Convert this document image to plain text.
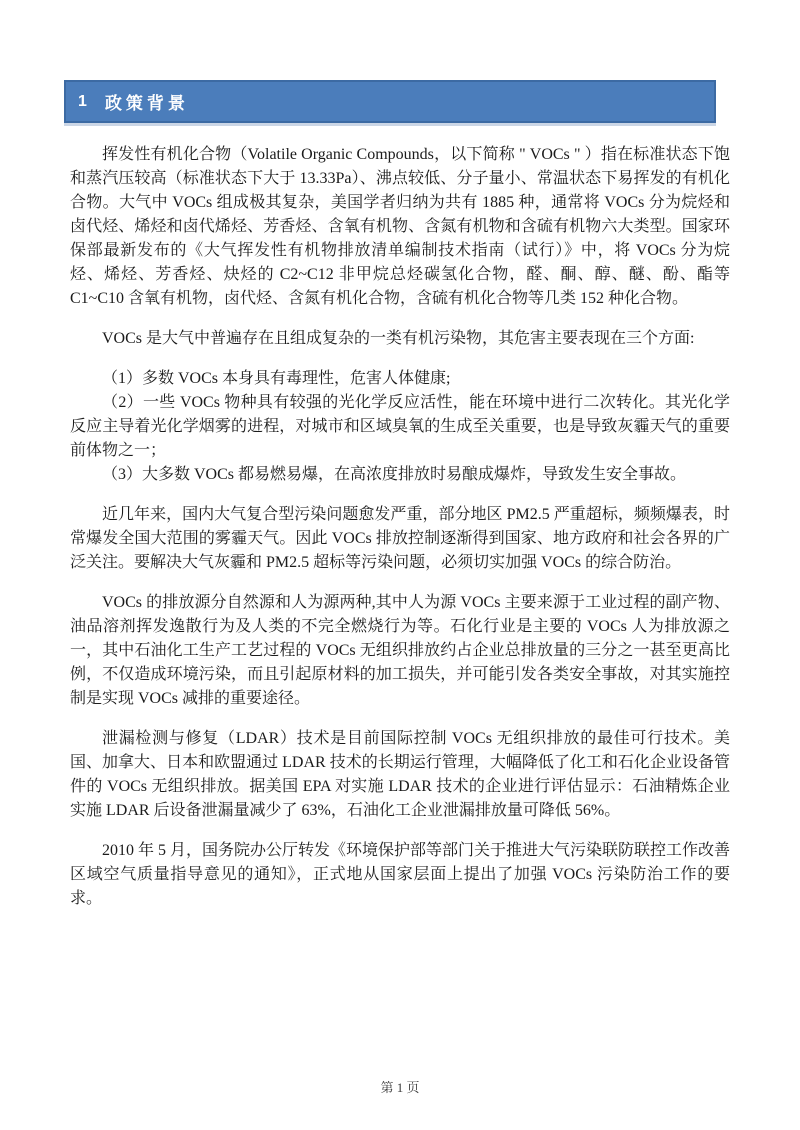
1 政策背景

挥发性有机化合物（Volatile Organic Compounds，以下简称 " VOCs " ）指在标准状态下饱和蒸汽压较高（标准状态下大于 13.33Pa）、沸点较低、分子量小、常温状态下易挥发的有机化合物。大气中 VOCs 组成极其复杂，美国学者归纳为共有 1885 种，通常将 VOCs 分为烷烃和卤代烃、烯烃和卤代烯烃、芳香烃、含氧有机物、含氮有机物和含硫有机物六大类型。国家环保部最新发布的《大气挥发性有机物排放清单编制技术指南（试行）》中，将 VOCs 分为烷烃、烯烃、芳香烃、炔烃的 C2~C12 非甲烷总烃碳氢化合物，醛、酮、醇、醚、酚、酯等 C1~C10 含氧有机物，卤代烃、含氮有机化合物，含硫有机化合物等几类 152 种化合物。

VOCs 是大气中普遍存在且组成复杂的一类有机污染物，其危害主要表现在三个方面:

（1）多数 VOCs 本身具有毒理性，危害人体健康;

（2）一些 VOCs 物种具有较强的光化学反应活性，能在环境中进行二次转化。其光化学反应主导着光化学烟雾的进程，对城市和区域臭氧的生成至关重要，也是导致灰霾天气的重要前体物之一；

（3）大多数 VOCs 都易燃易爆，在高浓度排放时易酿成爆炸，导致发生安全事故。

近几年来，国内大气复合型污染问题愈发严重，部分地区 PM2.5 严重超标，频频爆表，时常爆发全国大范围的雾霾天气。因此 VOCs 排放控制逐渐得到国家、地方政府和社会各界的广泛关注。要解决大气灰霾和 PM2.5 超标等污染问题，必须切实加强 VOCs 的综合防治。

VOCs 的排放源分自然源和人为源两种,其中人为源 VOCs 主要来源于工业过程的副产物、油品溶剂挥发逸散行为及人类的不完全燃烧行为等。石化行业是主要的 VOCs 人为排放源之一，其中石油化工生产工艺过程的 VOCs 无组织排放约占企业总排放量的三分之一甚至更高比例，不仅造成环境污染，而且引起原材料的加工损失，并可能引发各类安全事故，对其实施控制是实现 VOCs 减排的重要途径。

泄漏检测与修复（LDAR）技术是目前国际控制 VOCs 无组织排放的最佳可行技术。美国、加拿大、日本和欧盟通过 LDAR 技术的长期运行管理，大幅降低了化工和石化企业设备管件的 VOCs 无组织排放。据美国 EPA 对实施 LDAR 技术的企业进行评估显示：石油精炼企业实施 LDAR 后设备泄漏量减少了 63%，石油化工企业泄漏排放量可降低 56%。

2010 年 5 月，国务院办公厅转发《环境保护部等部门关于推进大气污染联防联控工作改善区域空气质量指导意见的通知》，正式地从国家层面上提出了加强 VOCs 污染防治工作的要求。

第 1 页
